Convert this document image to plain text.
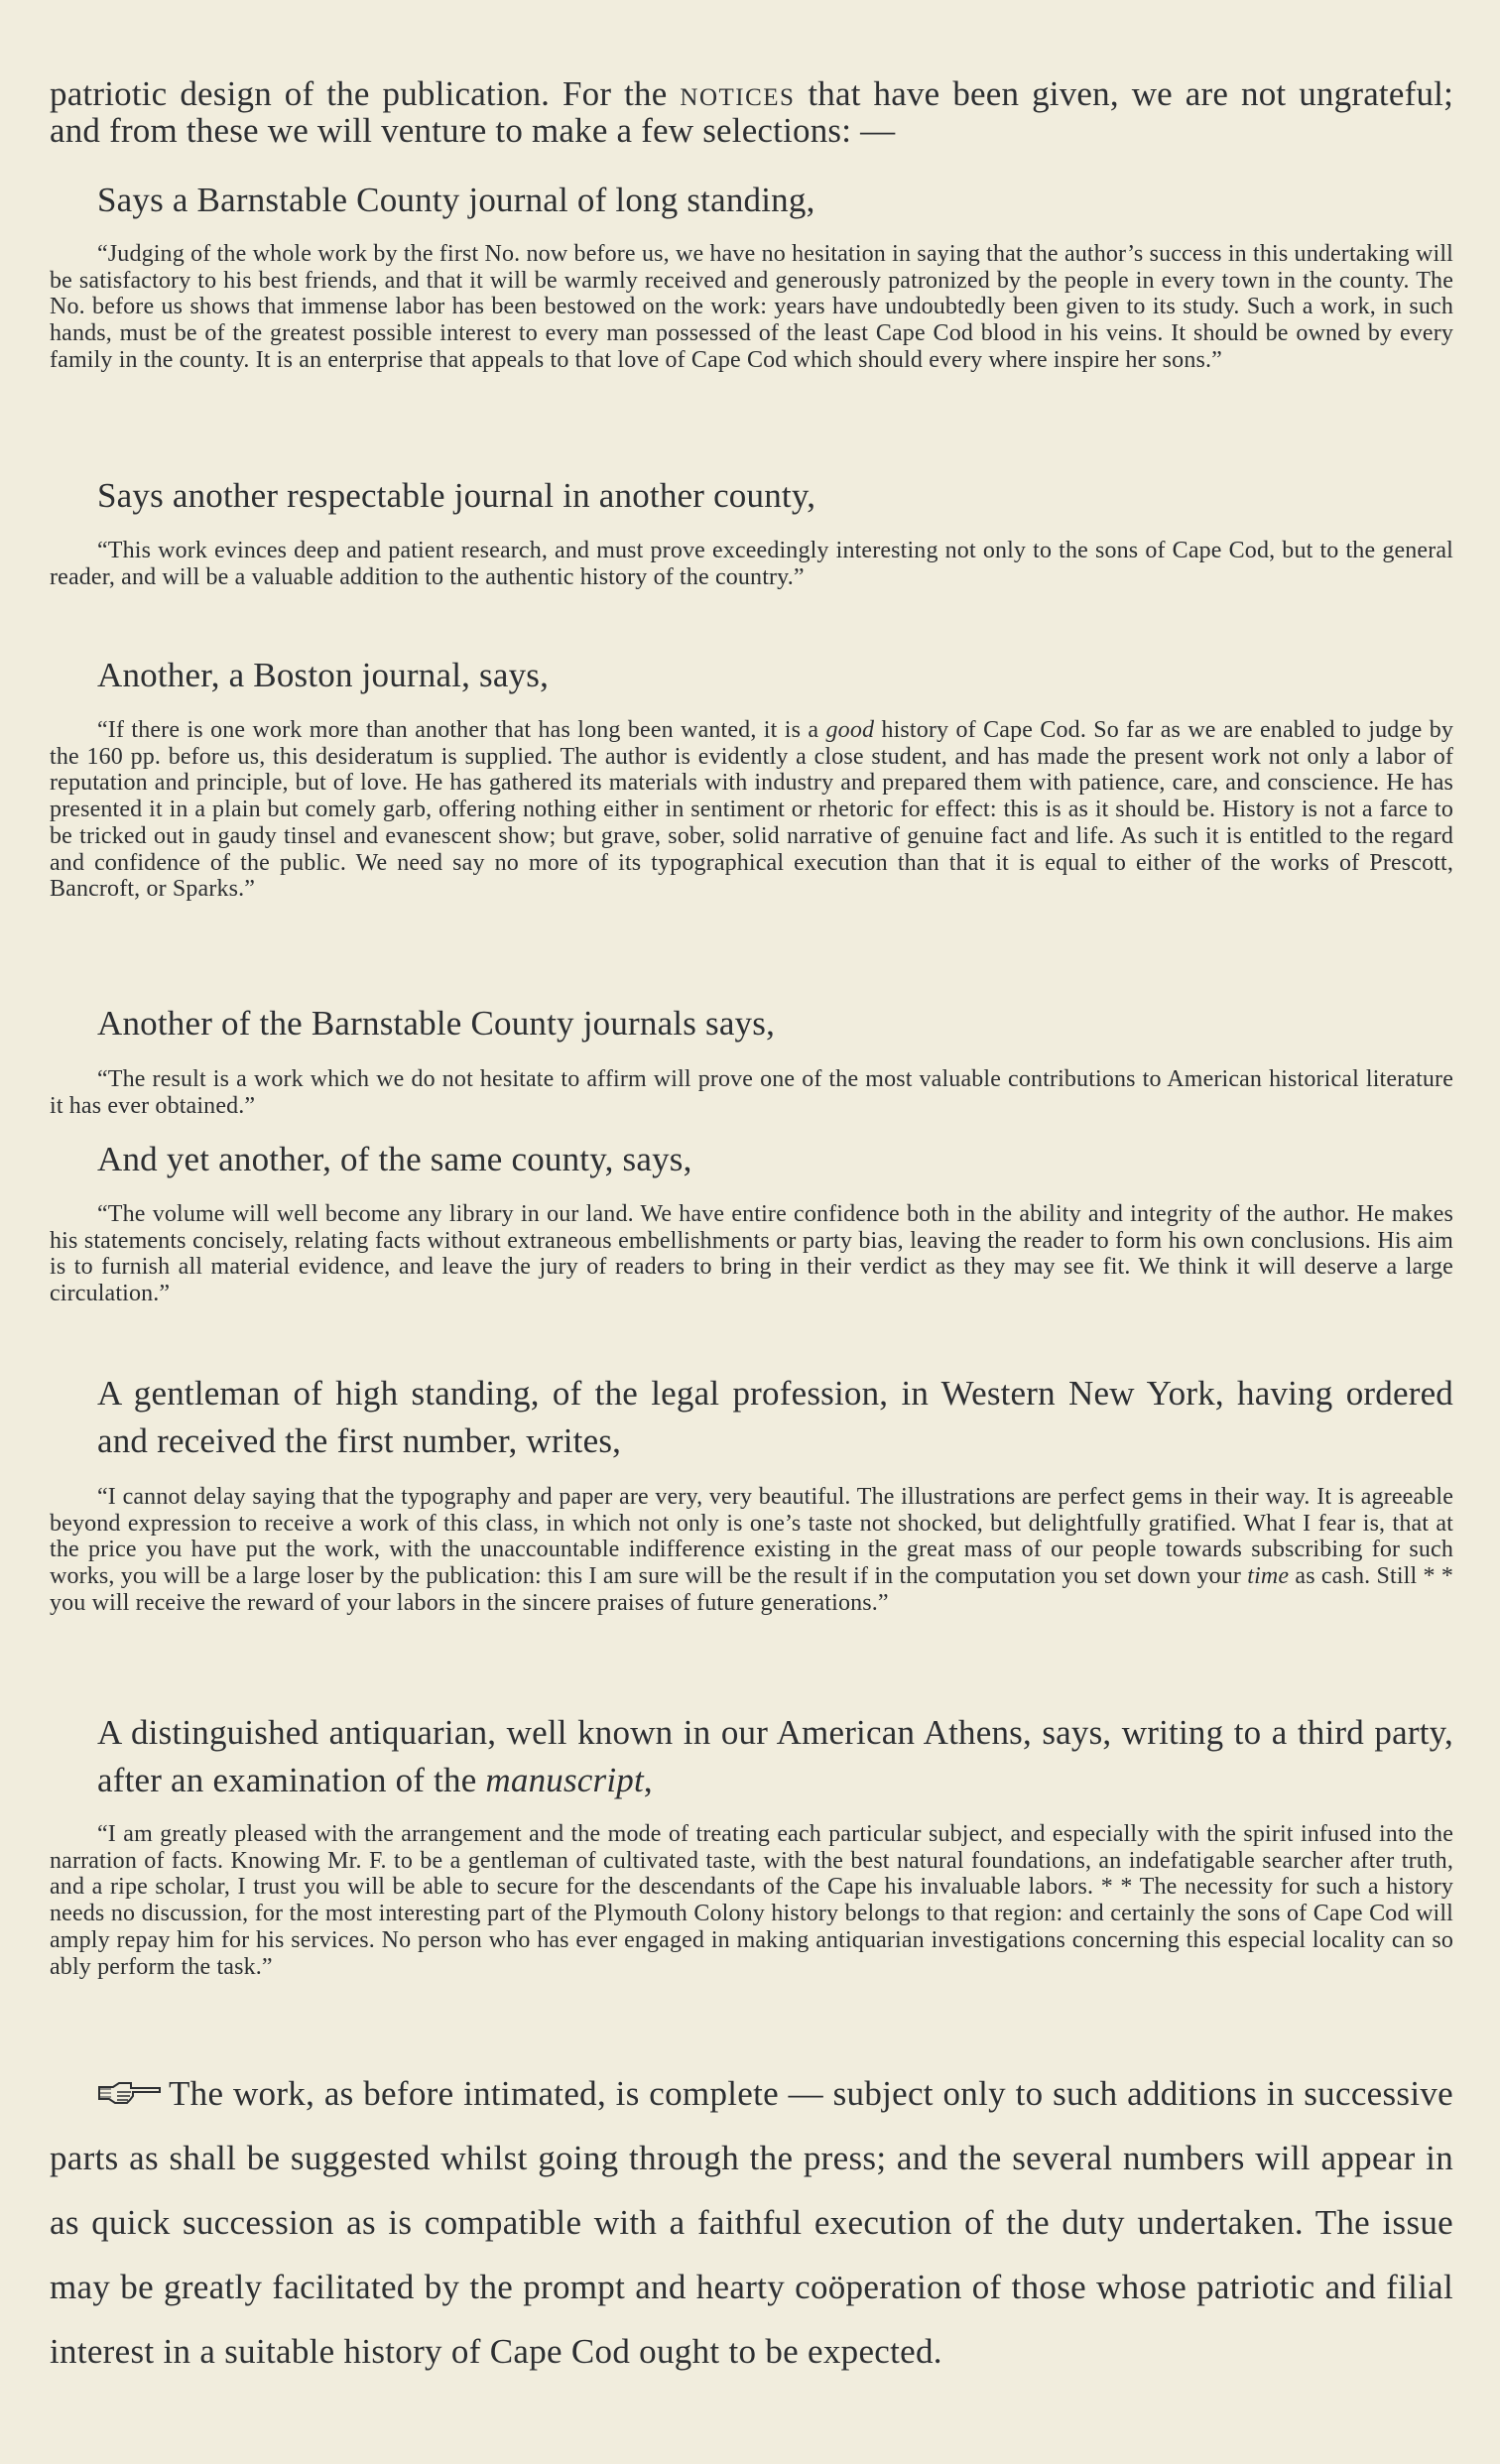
patriotic design of the publication. For the notices that have been given, we are not ungrateful; and from these we will venture to make a few selections: —

Says a Barnstable County journal of long standing,

“Judging of the whole work by the first No. now before us, we have no hesitation in saying that the author’s success in this undertaking will be satisfactory to his best friends, and that it will be warmly received and generously patronized by the people in every town in the county. The No. before us shows that immense labor has been bestowed on the work: years have undoubtedly been given to its study. Such a work, in such hands, must be of the greatest possible interest to every man possessed of the least Cape Cod blood in his veins. It should be owned by every family in the county. It is an enterprise that appeals to that love of Cape Cod which should every where inspire her sons.”

Says another respectable journal in another county,

“This work evinces deep and patient research, and must prove exceedingly interesting not only to the sons of Cape Cod, but to the general reader, and will be a valuable addition to the authentic history of the country.”

Another, a Boston journal, says,

“If there is one work more than another that has long been wanted, it is a good history of Cape Cod. So far as we are enabled to judge by the 160 pp. before us, this desideratum is supplied. The author is evidently a close student, and has made the present work not only a labor of reputation and principle, but of love. He has gathered its materials with industry and prepared them with patience, care, and conscience. He has presented it in a plain but comely garb, offering nothing either in sentiment or rhetoric for effect: this is as it should be. History is not a farce to be tricked out in gaudy tinsel and evanescent show; but grave, sober, solid narrative of genuine fact and life. As such it is entitled to the regard and confidence of the public. We need say no more of its typographical execution than that it is equal to either of the works of Prescott, Bancroft, or Sparks.”

Another of the Barnstable County journals says,

“The result is a work which we do not hesitate to affirm will prove one of the most valuable contributions to American historical literature it has ever obtained.”

And yet another, of the same county, says,

“The volume will well become any library in our land. We have entire confidence both in the ability and integrity of the author. He makes his statements concisely, relating facts without extraneous embellishments or party bias, leaving the reader to form his own conclusions. His aim is to furnish all material evidence, and leave the jury of readers to bring in their verdict as they may see fit. We think it will deserve a large circulation.”

A gentleman of high standing, of the legal profession, in Western New York, having ordered and received the first number, writes,

“I cannot delay saying that the typography and paper are very, very beautiful. The illustrations are perfect gems in their way. It is agreeable beyond expression to receive a work of this class, in which not only is one’s taste not shocked, but delightfully gratified. What I fear is, that at the price you have put the work, with the unaccountable indifference existing in the great mass of our people towards subscribing for such works, you will be a large loser by the publication: this I am sure will be the result if in the computation you set down your time as cash. Still * * you will receive the reward of your labors in the sincere praises of future generations.”

A distinguished antiquarian, well known in our American Athens, says, writing to a third party, after an examination of the manuscript,

“I am greatly pleased with the arrangement and the mode of treating each particular subject, and especially with the spirit infused into the narration of facts. Knowing Mr. F. to be a gentleman of cultivated taste, with the best natural foundations, an indefatigable searcher after truth, and a ripe scholar, I trust you will be able to secure for the descendants of the Cape his invaluable labors. * * The necessity for such a history needs no discussion, for the most interesting part of the Plymouth Colony history belongs to that region: and certainly the sons of Cape Cod will amply repay him for his services. No person who has ever engaged in making antiquarian investigations concerning this especial locality can so ably perform the task.”

The work, as before intimated, is complete — subject only to such additions in successive parts as shall be suggested whilst going through the press; and the several numbers will appear in as quick succession as is compatible with a faithful execution of the duty undertaken. The issue may be greatly facilitated by the prompt and hearty coöperation of those whose patriotic and filial interest in a suitable history of Cape Cod ought to be expected.
